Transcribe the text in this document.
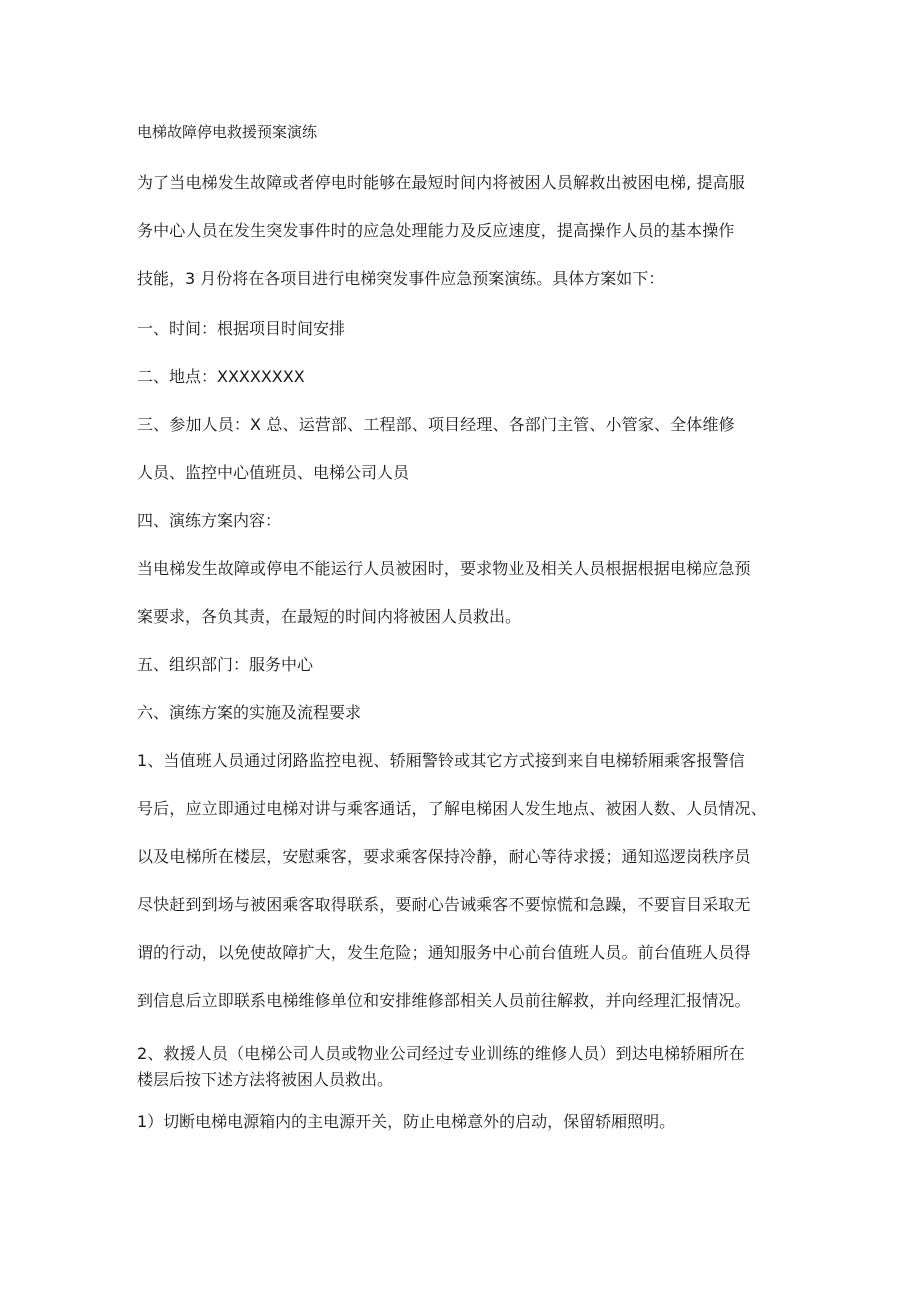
电梯故障停电救援预案演练
为了当电梯发生故障或者停电时能够在最短时间内将被困人员解救出被困电梯, 提高服
务中心人员在发生突发事件时的应急处理能力及反应速度，提高操作人员的基本操作
技能，3 月份将在各项目进行电梯突发事件应急预案演练。具体方案如下：
一、时间：根据项目时间安排
二、地点：XXXXXXXX
三、参加人员：X 总、运营部、工程部、项目经理、各部门主管、小管家、全体维修
人员、监控中心值班员、电梯公司人员
四、演练方案内容：
当电梯发生故障或停电不能运行人员被困时，要求物业及相关人员根据根据电梯应急预
案要求，各负其责，在最短的时间内将被困人员救出。
五、组织部门：服务中心
六、演练方案的实施及流程要求
1、当值班人员通过闭路监控电视、轿厢警铃或其它方式接到来自电梯轿厢乘客报警信
号后，应立即通过电梯对讲与乘客通话，了解电梯困人发生地点、被困人数、人员情况、
以及电梯所在楼层，安慰乘客，要求乘客保持冷静，耐心等待求援；通知巡逻岗秩序员
尽快赶到到场与被困乘客取得联系，要耐心告诫乘客不要惊慌和急躁，不要盲目采取无
谓的行动，以免使故障扩大，发生危险；通知服务中心前台值班人员。前台值班人员得
到信息后立即联系电梯维修单位和安排维修部相关人员前往解救，并向经理汇报情况。
2、救援人员（电梯公司人员或物业公司经过专业训练的维修人员）到达电梯轿厢所在
楼层后按下述方法将被困人员救出。
1）切断电梯电源箱内的主电源开关，防止电梯意外的启动，保留轿厢照明。
